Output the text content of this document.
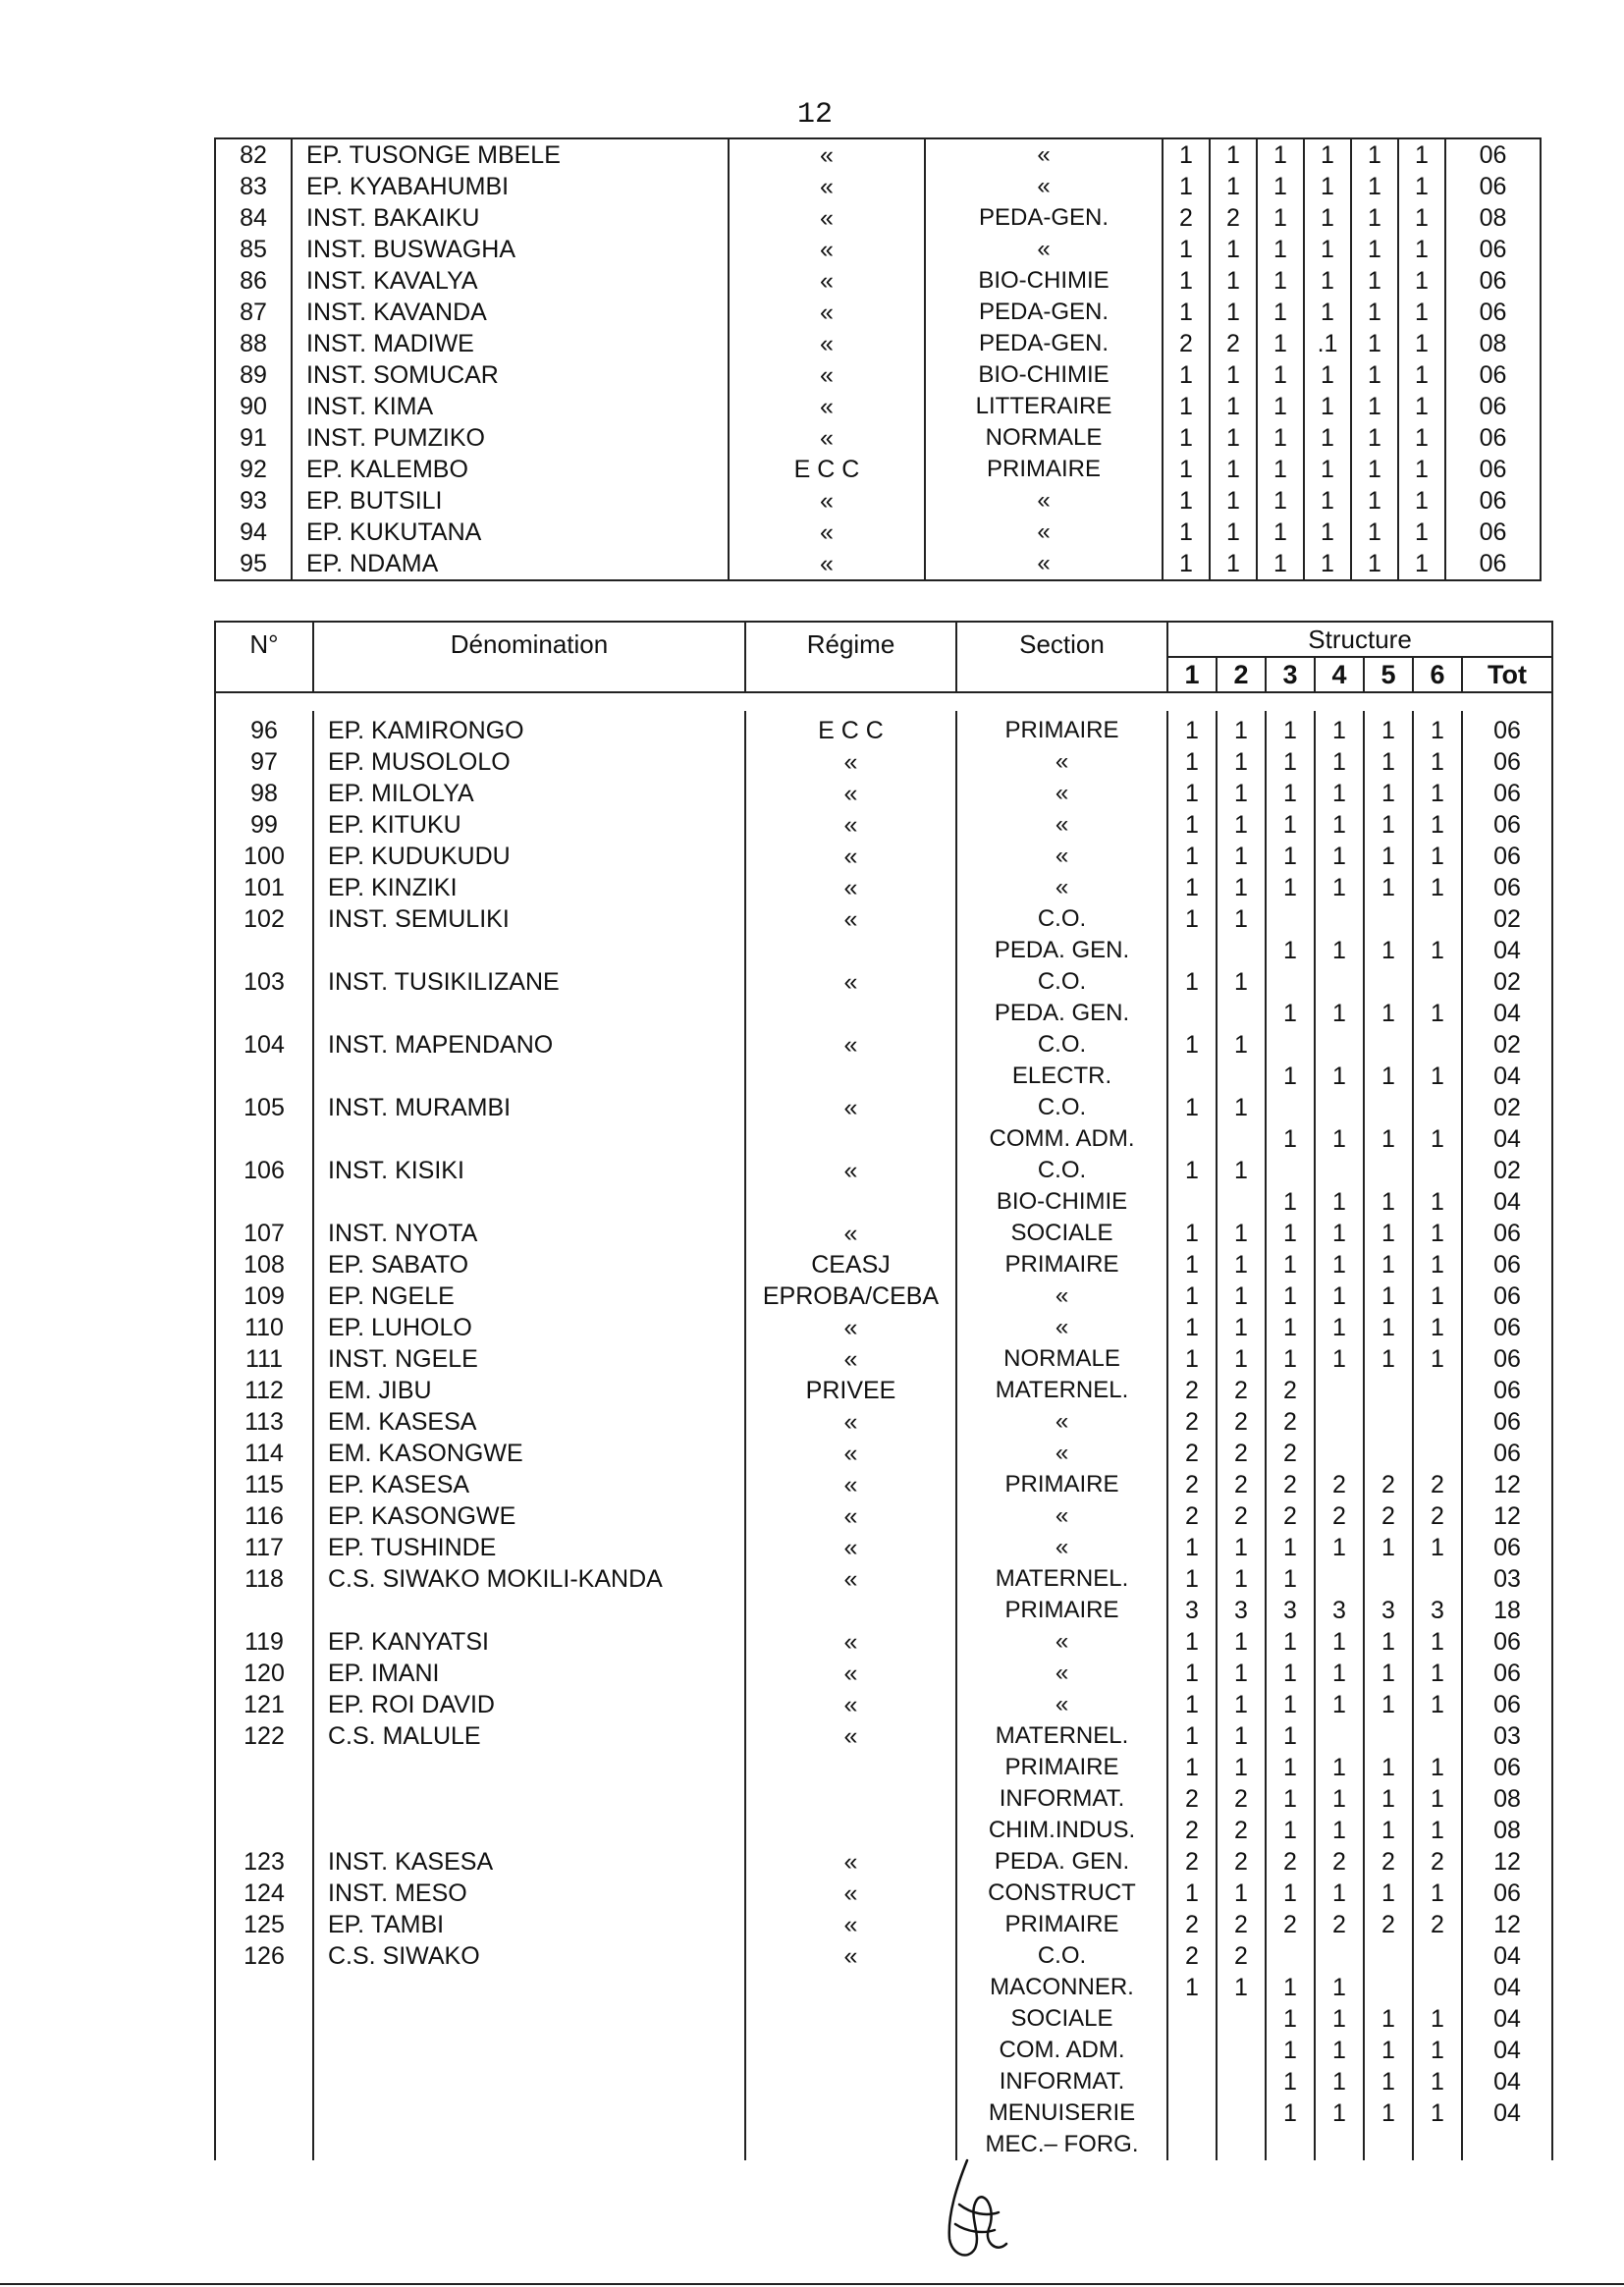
12
82	EP. TUSONGE MBELE	«	«	1	1	1	1	1	1	06
83	EP. KYABAHUMBI	«	«	1	1	1	1	1	1	06
84	INST. BAKAIKU	«	PEDA-GEN.	2	2	1	1	1	1	08
85	INST. BUSWAGHA	«	«	1	1	1	1	1	1	06
86	INST. KAVALYA	«	BIO-CHIMIE	1	1	1	1	1	1	06
87	INST. KAVANDA	«	PEDA-GEN.	1	1	1	1	1	1	06
88	INST. MADIWE	«	PEDA-GEN.	2	2	1	.1	1	1	08
89	INST. SOMUCAR	«	BIO-CHIMIE	1	1	1	1	1	1	06
90	INST. KIMA	«	LITTERAIRE	1	1	1	1	1	1	06
91	INST. PUMZIKO	«	NORMALE	1	1	1	1	1	1	06
92	EP. KALEMBO	E C C	PRIMAIRE	1	1	1	1	1	1	06
93	EP. BUTSILI	«	«	1	1	1	1	1	1	06
94	EP. KUKUTANA	«	«	1	1	1	1	1	1	06
95	EP. NDAMA	«	«	1	1	1	1	1	1	06
N°	Dénomination	Régime	Section	Structure						
				1	2	3	4	5	6	Tot

96	EP. KAMIRONGO	E C C	PRIMAIRE	1	1	1	1	1	1	06
97	EP. MUSOLOLO	«	«	1	1	1	1	1	1	06
98	EP. MILOLYA	«	«	1	1	1	1	1	1	06
99	EP. KITUKU	«	«	1	1	1	1	1	1	06
100	EP. KUDUKUDU	«	«	1	1	1	1	1	1	06
101	EP. KINZIKI	«	«	1	1	1	1	1	1	06
102	INST. SEMULIKI	«	C.O.	1	1					02
			PEDA. GEN.			1	1	1	1	04
103	INST. TUSIKILIZANE	«	C.O.	1	1					02
			PEDA. GEN.			1	1	1	1	04
104	INST. MAPENDANO	«	C.O.	1	1					02
			ELECTR.			1	1	1	1	04
105	INST. MURAMBI	«	C.O.	1	1					02
			COMM. ADM.			1	1	1	1	04
106	INST. KISIKI	«	C.O.	1	1					02
			BIO-CHIMIE			1	1	1	1	04
107	INST. NYOTA	«	SOCIALE	1	1	1	1	1	1	06
108	EP. SABATO	CEASJ	PRIMAIRE	1	1	1	1	1	1	06
109	EP. NGELE	EPROBA/CEBA	«	1	1	1	1	1	1	06
110	EP. LUHOLO	«	«	1	1	1	1	1	1	06
111	INST. NGELE	«	NORMALE	1	1	1	1	1	1	06
112	EM. JIBU	PRIVEE	MATERNEL.	2	2	2				06
113	EM. KASESA	«	«	2	2	2				06
114	EM. KASONGWE	«	«	2	2	2				06
115	EP. KASESA	«	PRIMAIRE	2	2	2	2	2	2	12
116	EP. KASONGWE	«	«	2	2	2	2	2	2	12
117	EP. TUSHINDE	«	«	1	1	1	1	1	1	06
118	C.S. SIWAKO MOKILI-KANDA	«	MATERNEL.	1	1	1				03
			PRIMAIRE	3	3	3	3	3	3	18
119	EP. KANYATSI	«	«	1	1	1	1	1	1	06
120	EP. IMANI	«	«	1	1	1	1	1	1	06
121	EP. ROI DAVID	«	«	1	1	1	1	1	1	06
122	C.S. MALULE	«	MATERNEL.	1	1	1				03
			PRIMAIRE	1	1	1	1	1	1	06
			INFORMAT.	2	2	1	1	1	1	08
			CHIM.INDUS.	2	2	1	1	1	1	08
123	INST. KASESA	«	PEDA. GEN.	2	2	2	2	2	2	12
124	INST. MESO	«	CONSTRUCT	1	1	1	1	1	1	06
125	EP. TAMBI	«	PRIMAIRE	2	2	2	2	2	2	12
126	C.S. SIWAKO	«	C.O.	2	2					04
			MACONNER.	1	1	1	1			04
			SOCIALE			1	1	1	1	04
			COM. ADM.			1	1	1	1	04
			INFORMAT.			1	1	1	1	04
			MENUISERIE			1	1	1	1	04
			MEC.– FORG.							
